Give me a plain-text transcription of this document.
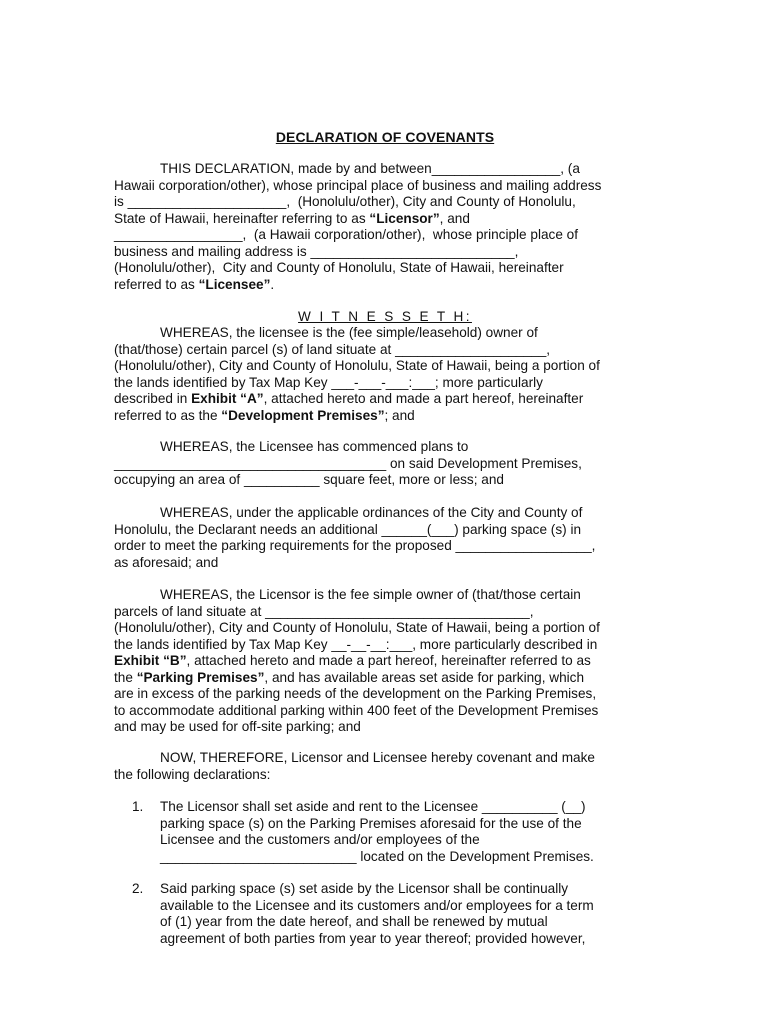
DECLARATION OF COVENANTS
THIS DECLARATION, made by and between_________________, (a
Hawaii corporation/other), whose principal place of business and mailing address
is _____________________,  (Honolulu/other), City and County of Honolulu,
State of Hawaii, hereinafter referring to as “Licensor”, and
_________________,  (a Hawaii corporation/other),  whose principle place of
business and mailing address is ___________________________,
(Honolulu/other),  City and County of Honolulu, State of Hawaii, hereinafter
referred to as “Licensee”.
W I T N E S S E T H:
WHEREAS, the licensee is the (fee simple/leasehold) owner of
(that/those) certain parcel (s) of land situate at ____________________,
(Honolulu/other), City and County of Honolulu, State of Hawaii, being a portion of
the lands identified by Tax Map Key ___-___-___:___; more particularly
described in Exhibit “A”, attached hereto and made a part hereof, hereinafter
referred to as the “Development Premises”; and
WHEREAS, the Licensee has commenced plans to
____________________________________ on said Development Premises,
occupying an area of __________ square feet, more or less; and
WHEREAS, under the applicable ordinances of the City and County of
Honolulu, the Declarant needs an additional ______(___) parking space (s) in
order to meet the parking requirements for the proposed __________________,
as aforesaid; and
WHEREAS, the Licensor is the fee simple owner of (that/those certain
parcels of land situate at ___________________________________,
(Honolulu/other), City and County of Honolulu, State of Hawaii, being a portion of
the lands identified by Tax Map Key __-__-__:___, more particularly described in
Exhibit “B”, attached hereto and made a part hereof, hereinafter referred to as
the “Parking Premises”, and has available areas set aside for parking, which
are in excess of the parking needs of the development on the Parking Premises,
to accommodate additional parking within 400 feet of the Development Premises
and may be used for off-site parking; and
NOW, THEREFORE, Licensor and Licensee hereby covenant and make
the following declarations:
1. The Licensor shall set aside and rent to the Licensee __________ (__)
parking space (s) on the Parking Premises aforesaid for the use of the
Licensee and the customers and/or employees of the
__________________________ located on the Development Premises.
2. Said parking space (s) set aside by the Licensor shall be continually
available to the Licensee and its customers and/or employees for a term
of (1) year from the date hereof, and shall be renewed by mutual
agreement of both parties from year to year thereof; provided however,
